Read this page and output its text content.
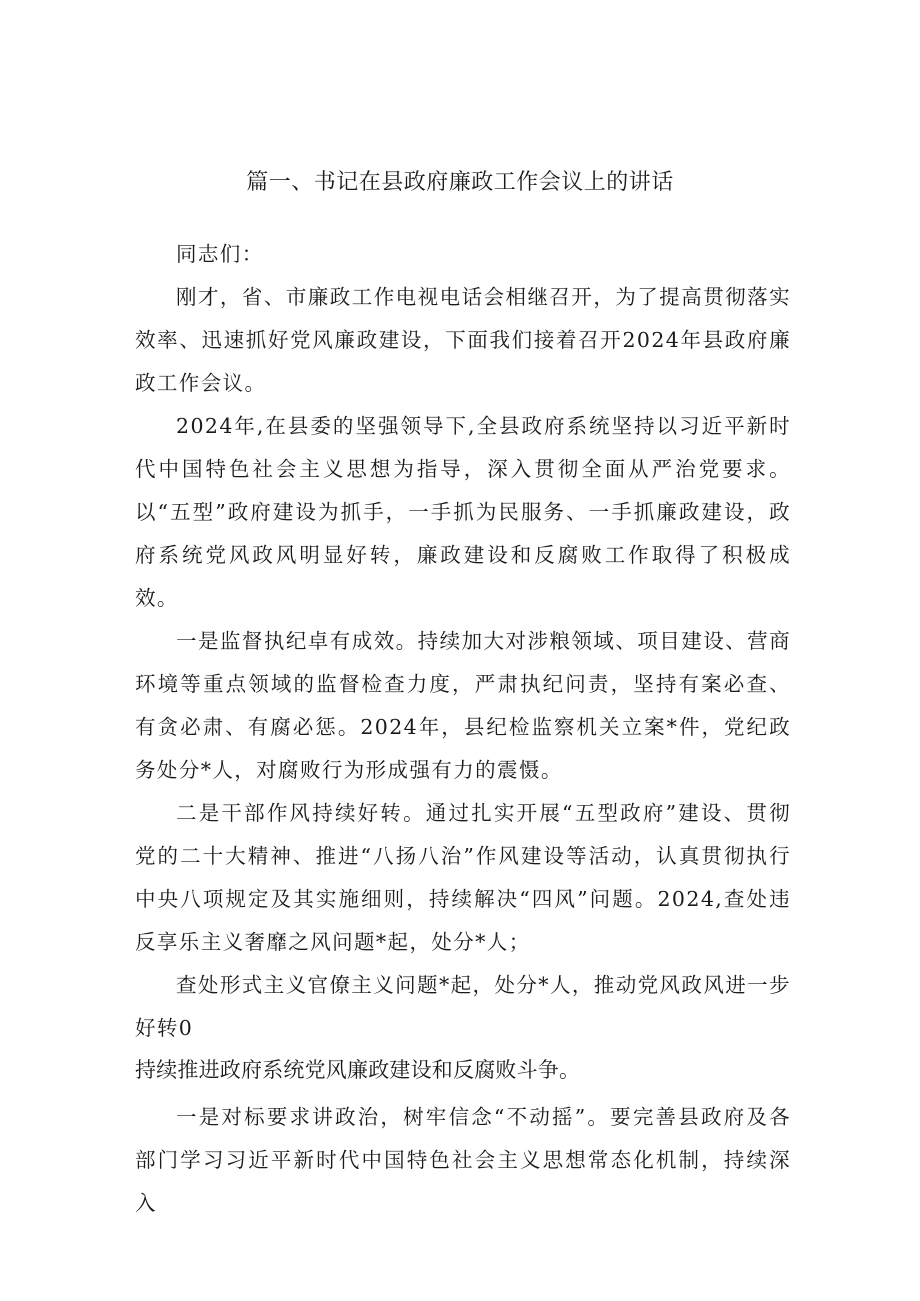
篇一、书记在县政府廉政工作会议上的讲话

同志们：

刚才，省、市廉政工作电视电话会相继召开，为了提高贯彻落实效率、迅速抓好党风廉政建设，下面我们接着召开2024年县政府廉政工作会议。

2024年,在县委的坚强领导下,全县政府系统坚持以习近平新时代中国特色社会主义思想为指导，深入贯彻全面从严治党要求。以“五型”政府建设为抓手，一手抓为民服务、一手抓廉政建设，政府系统党风政风明显好转，廉政建设和反腐败工作取得了积极成效。

一是监督执纪卓有成效。持续加大对涉粮领域、项目建设、营商环境等重点领域的监督检查力度，严肃执纪问责，坚持有案必查、有贪必肃、有腐必惩。2024年，县纪检监察机关立案*件，党纪政务处分*人，对腐败行为形成强有力的震慑。

二是干部作风持续好转。通过扎实开展“五型政府”建设、贯彻党的二十大精神、推进“八扬八治”作风建设等活动，认真贯彻执行中央八项规定及其实施细则，持续解决“四风”问题。2024,查处违反享乐主义奢靡之风问题*起，处分*人；

查处形式主义官僚主义问题*起，处分*人，推动党风政风进一步好转0

持续推进政府系统党风廉政建设和反腐败斗争。

一是对标要求讲政治，树牢信念“不动摇”。要完善县政府及各部门学习习近平新时代中国特色社会主义思想常态化机制，持续深入
